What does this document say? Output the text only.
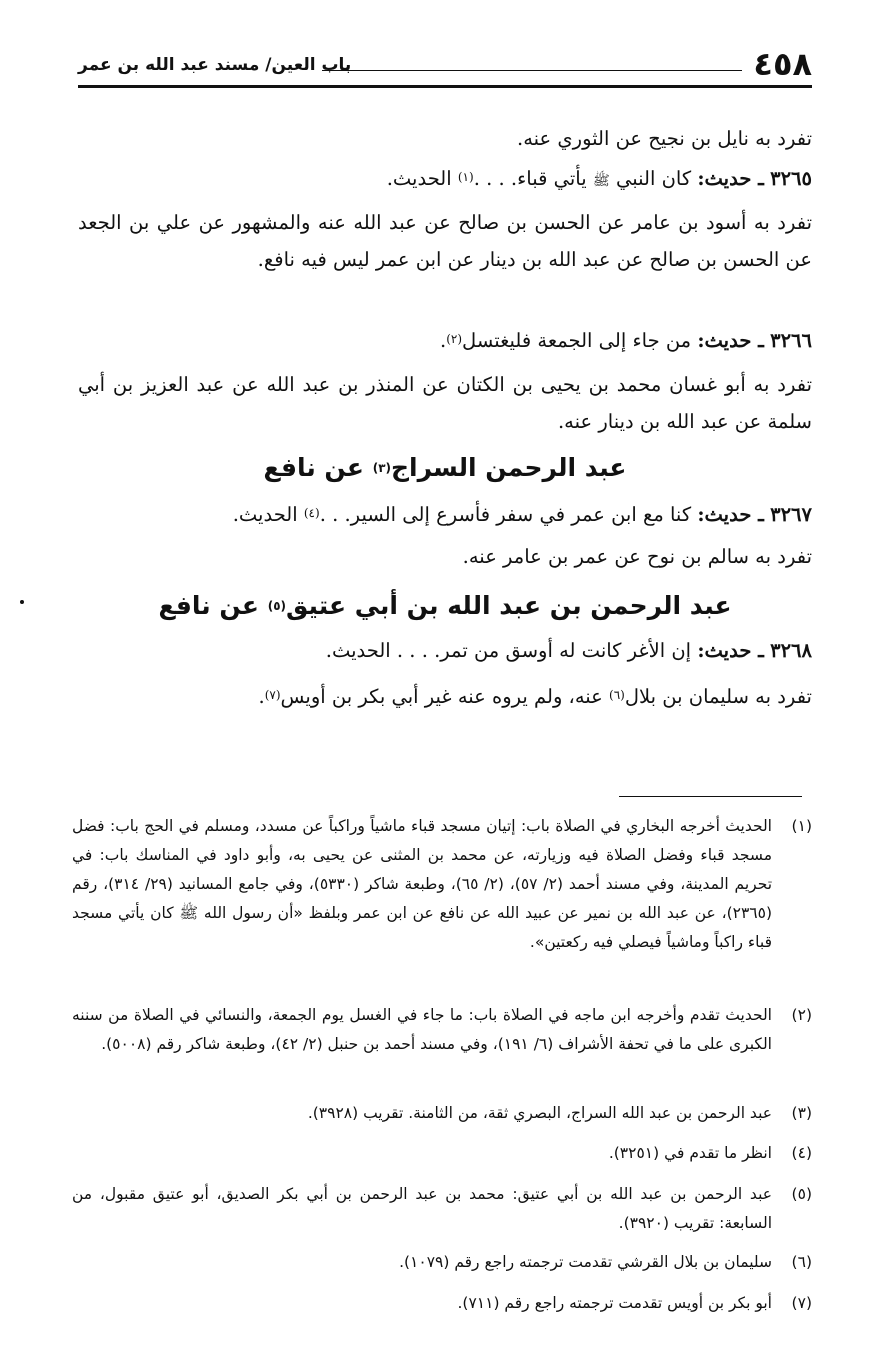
٤٥٨
باب العين/ مسند عبد الله بن عمر
تفرد به نايل بن نجيح عن الثوري عنه.
٣٢٦٥ ـ حديث: كان النبي ﷺ يأتي قباء. . . .$^{(١)}$ الحديث.
تفرد به أسود بن عامر عن الحسن بن صالح عن عبد الله عنه والمشهور عن علي بن الجعد عن الحسن بن صالح عن عبد الله بن دينار عن ابن عمر ليس فيه نافع.
٣٢٦٦ ـ حديث: من جاء إلى الجمعة فليغتسل$^{(٢)}$.
تفرد به أبو غسان محمد بن يحيى بن الكتان عن المنذر بن عبد الله عن عبد العزيز بن أبي سلمة عن عبد الله بن دينار عنه.
عبد الرحمن السراج$^{(٣)}$ عن نافع
٣٢٦٧ ـ حديث: كنا مع ابن عمر في سفر فأسرع إلى السير. . .$^{(٤)}$ الحديث.
تفرد به سالم بن نوح عن عمر بن عامر عنه.
عبد الرحمن بن عبد الله بن أبي عتيق$^{(٥)}$ عن نافع
٣٢٦٨ ـ حديث: إن الأغر كانت له أوسق من تمر. . . . الحديث.
تفرد به سليمان بن بلال$^{(٦)}$ عنه، ولم يروه عنه غير أبي بكر بن أويس$^{(٧)}$.
(١)
الحديث أخرجه البخاري في الصلاة باب: إتيان مسجد قباء ماشياً وراكباً عن مسدد، ومسلم في الحج باب: فضل مسجد قباء وفضل الصلاة فيه وزيارته، عن محمد بن المثنى عن يحيى به، وأبو داود في المناسك باب: في تحريم المدينة، وفي مسند أحمد (٢/ ٥٧)، (٢/ ٦٥)، وطبعة شاكر (٥٣٣٠)، وفي جامع المسانيد (٢٩/ ٣١٤)، رقم (٢٣٦٥)، عن عبد الله بن نمير عن عبيد الله عن نافع عن ابن عمر وبلفظ «أن رسول الله ﷺ كان يأتي مسجد قباء راكباً وماشياً فيصلي فيه ركعتين».
(٢)
الحديث تقدم وأخرجه ابن ماجه في الصلاة باب: ما جاء في الغسل يوم الجمعة، والنسائي في الصلاة من سننه الكبرى على ما في تحفة الأشراف (٦/ ١٩١)، وفي مسند أحمد بن حنبل (٢/ ٤٢)، وطبعة شاكر رقم (٥٠٠٨).
(٣)
عبد الرحمن بن عبد الله السراج، البصري ثقة، من الثامنة. تقريب (٣٩٢٨).
(٤)
انظر ما تقدم في (٣٢٥١).
(٥)
عبد الرحمن بن عبد الله بن أبي عتيق: محمد بن عبد الرحمن بن أبي بكر الصديق، أبو عتيق مقبول، من السابعة: تقريب (٣٩٢٠).
(٦)
سليمان بن بلال القرشي تقدمت ترجمته راجع رقم (١٠٧٩).
(٧)
أبو بكر بن أويس تقدمت ترجمته راجع رقم (٧١١).
